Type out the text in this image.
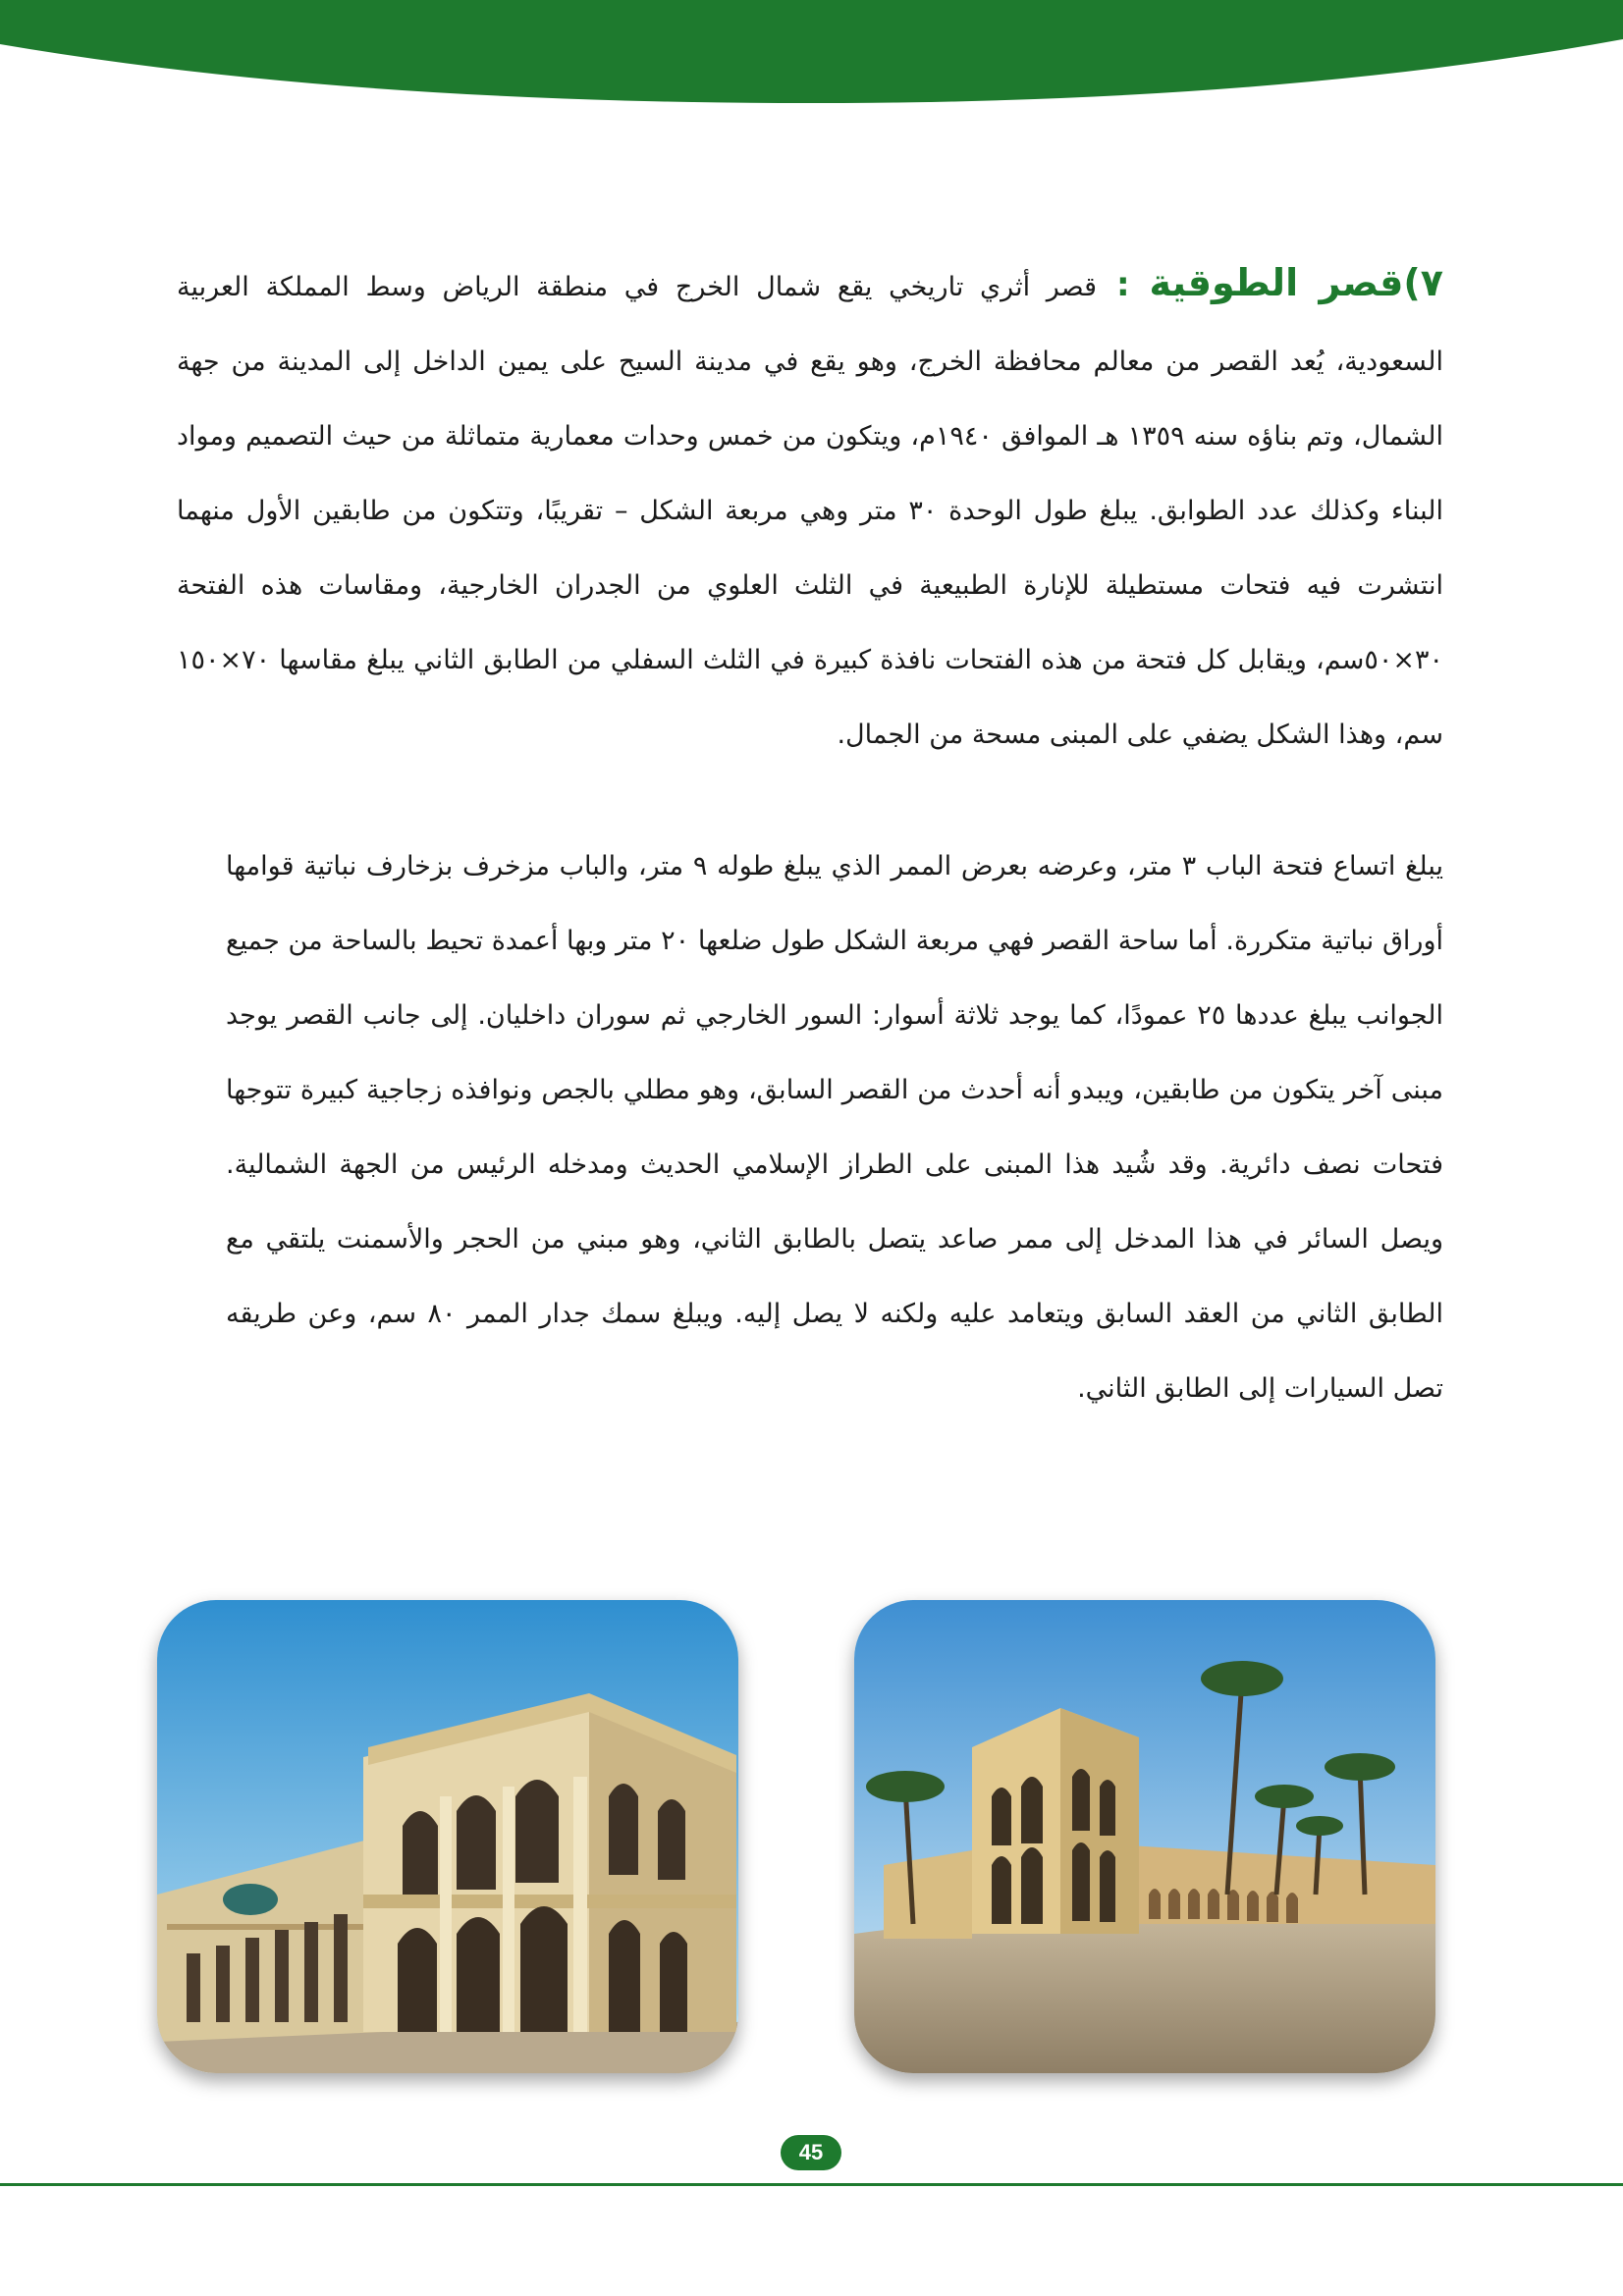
٧)قصر الطوقية : قصر أثري تاريخي يقع شمال الخرج في منطقة الرياض وسط المملكة العربية السعودية، يُعد القصر من معالم محافظة الخرج، وهو يقع في مدينة السيح على يمين الداخل إلى المدينة من جهة الشمال، وتم بناؤه سنه ١٣٥٩ هـ الموافق ١٩٤٠م، ويتكون من خمس وحدات معمارية متماثلة من حيث التصميم ومواد البناء وكذلك عدد الطوابق. يبلغ طول الوحدة ٣٠ متر وهي مربعة الشكل – تقريبًا، وتتكون من طابقين الأول منهما انتشرت فيه فتحات مستطيلة للإنارة الطبيعية في الثلث العلوي من الجدران الخارجية، ومقاسات هذه الفتحة ٣٠×٥٠سم، ويقابل كل فتحة من هذه الفتحات نافذة كبيرة في الثلث السفلي من الطابق الثاني يبلغ مقاسها ٧٠×١٥٠ سم، وهذا الشكل يضفي على المبنى مسحة من الجمال.

يبلغ اتساع فتحة الباب ٣ متر، وعرضه بعرض الممر الذي يبلغ طوله ٩ متر، والباب مزخرف بزخارف نباتية قوامها أوراق نباتية متكررة. أما ساحة القصر فهي مربعة الشكل طول ضلعها ٢٠ متر وبها أعمدة تحيط بالساحة من جميع الجوانب يبلغ عددها ٢٥ عمودًا، كما يوجد ثلاثة أسوار: السور الخارجي ثم سوران داخليان. إلى جانب القصر يوجد مبنى آخر يتكون من طابقين، ويبدو أنه أحدث من القصر السابق، وهو مطلي بالجص ونوافذه زجاجية كبيرة تتوجها فتحات نصف دائرية. وقد شُيد هذا المبنى على الطراز الإسلامي الحديث ومدخله الرئيس من الجهة الشمالية. ويصل السائر في هذا المدخل إلى ممر صاعد يتصل بالطابق الثاني، وهو مبني من الحجر والأسمنت يلتقي مع الطابق الثاني من العقد السابق ويتعامد عليه ولكنه لا يصل إليه. ويبلغ سمك جدار الممر ٨٠ سم، وعن طريقه تصل السيارات إلى الطابق الثاني.

45
